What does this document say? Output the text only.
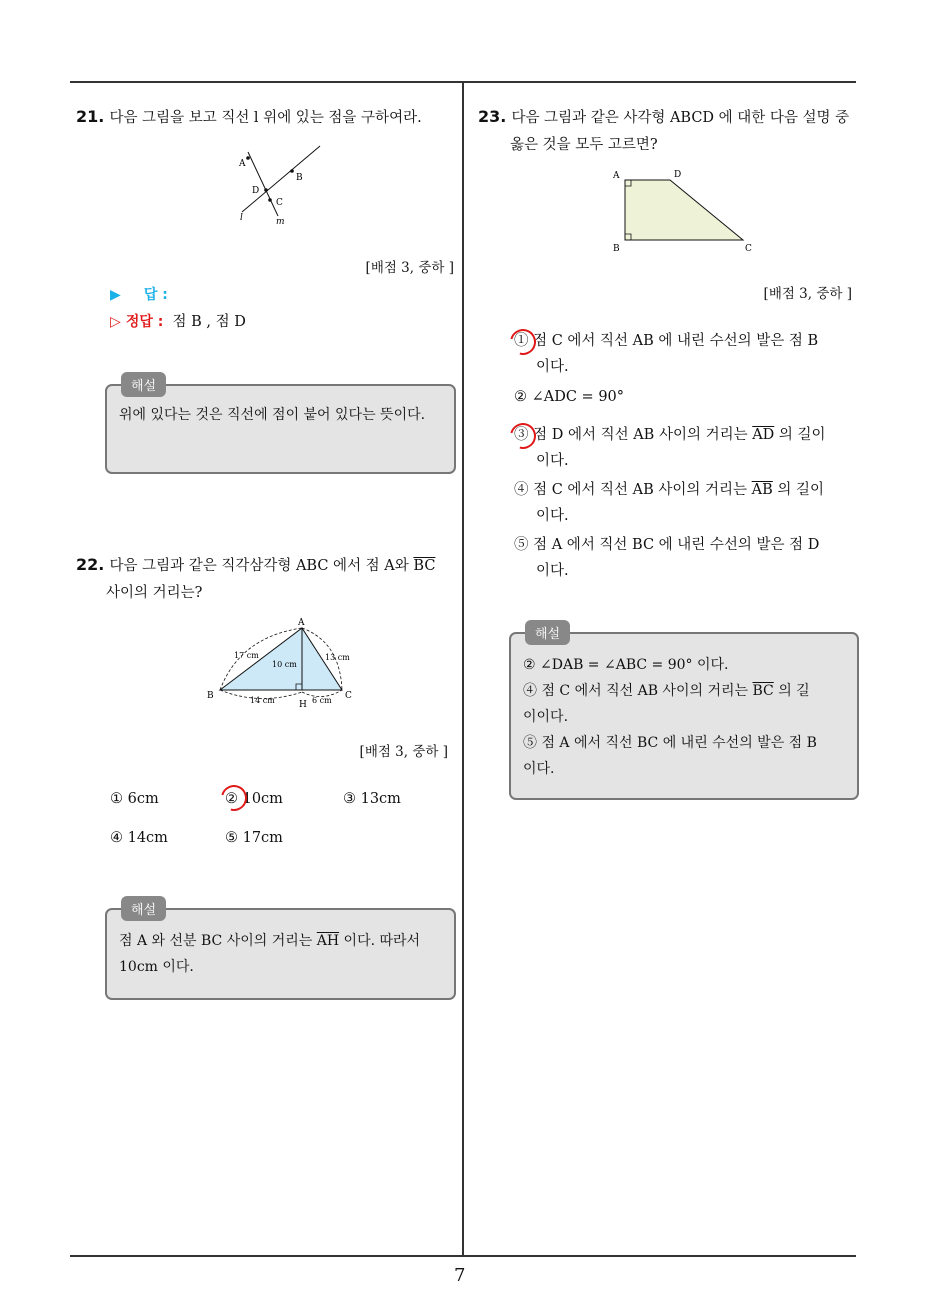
7
21. 다음 그림을 보고 직선 l 위에 있는 점을 구하여라.
A
B
D
C
l	m
[배점 3, 중하 ]
▶ 답 :
▷ 정답 : 점 B , 점 D
해설
위에 있다는 것은 직선에 점이 붙어 있다는 뜻이다.
22. 다음 그림과 같은 직각삼각형 ABC 에서 점 A와 $\overline{BC}$
사이의 거리는?
A
B	C
H
17 cm	13 cm
10 cm
14 cm	6 cm
[배점 3, 중하 ]
① 6cm	② 10cm	③ 13cm
④ 14cm	⑤ 17cm
해설
점 A 와 선분 BC 사이의 거리는 $\overline{AH}$ 이다. 따라서
10cm 이다.
23. 다음 그림과 같은 사각형 ABCD 에 대한 다음 설명 중
옳은 것을 모두 고르면?
A	D
B	C
[배점 3, 중하 ]
① 점 C 에서 직선 AB 에 내린 수선의 발은 점 B
이다.
② ∠ADC = 90°
③ 점 D 에서 직선 AB 사이의 거리는 $\overline{AD}$ 의 길이
이다.
④ 점 C 에서 직선 AB 사이의 거리는 $\overline{AB}$ 의 길이
이다.
⑤ 점 A 에서 직선 BC 에 내린 수선의 발은 점 D
이다.
해설
② ∠DAB = ∠ABC = 90° 이다.
④ 점 C 에서 직선 AB 사이의 거리는 $\overline{BC}$ 의 길
이이다.
⑤ 점 A 에서 직선 BC 에 내린 수선의 발은 점 B
이다.
